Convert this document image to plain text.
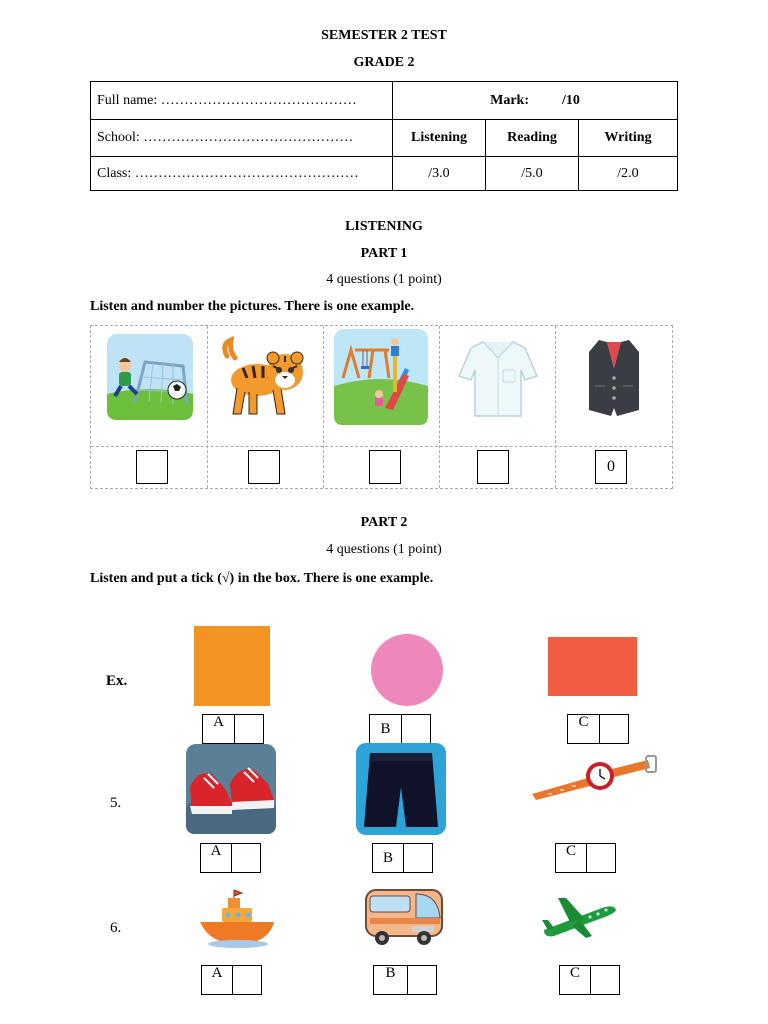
SEMESTER 2 TEST
GRADE 2
Full name: ……………………………………	Mark: /10		
School: ………………………………………	Listening	Reading	Writing
Class: …………………………………………	/3.0	/5.0	/2.0
LISTENING
PART 1
4 questions (1 point)
Listen and number the pictures. There is one example.
0
PART 2
4 questions (1 point)
Listen and put a tick (√) in the box. There is one example.
Ex.
A	B	C
5.
A	B	C
6.
A	B	C
